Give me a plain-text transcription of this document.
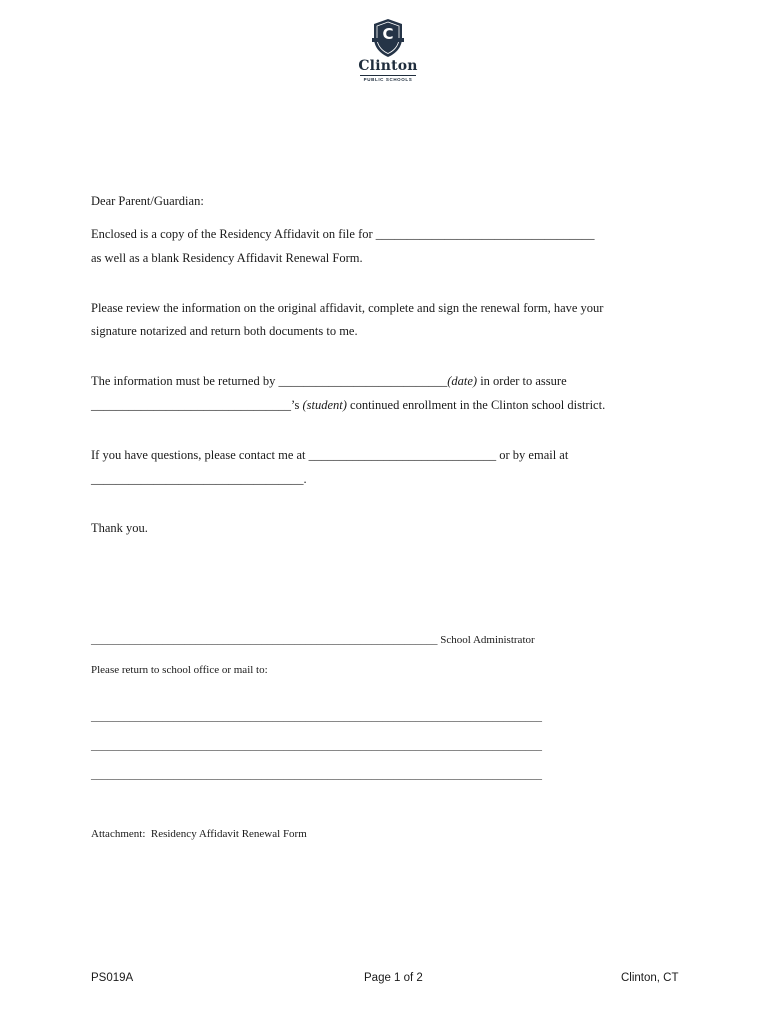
C
Clinton
PUBLIC SCHOOLS
Dear Parent/Guardian:
Enclosed is a copy of the Residency Affidavit on file for ___________________________________
as well as a blank Residency Affidavit Renewal Form.
Please review the information on the original affidavit, complete and sign the renewal form, have your
signature notarized and return both documents to me.
The information must be returned by ___________________________(date) in order to assure
________________________________’s (student) continued enrollment in the Clinton school district.
If you have questions, please contact me at ______________________________ or by email at
__________________________________.
Thank you.
_______________________________________________________________ School Administrator
Please return to school office or mail to:
__________________________________________________________________________________
__________________________________________________________________________________
__________________________________________________________________________________
Attachment:  Residency Affidavit Renewal Form
PS019A	Page 1 of 2	Clinton, CT
